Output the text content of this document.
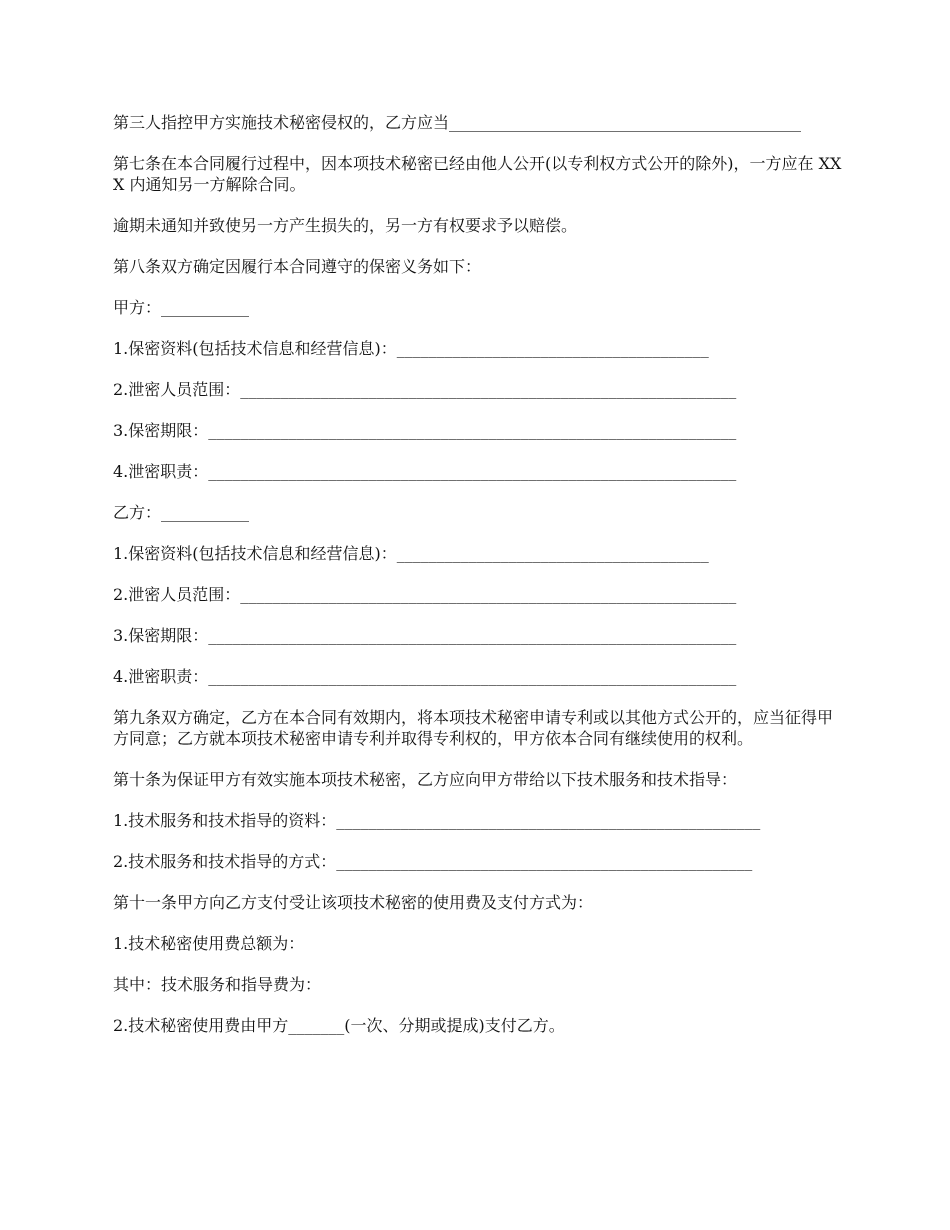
第三人指控甲方实施技术秘密侵权的，乙方应当____________________________________________

第七条在本合同履行过程中，因本项技术秘密已经由他人公开(以专利权方式公开的除外)，一方应在 XXX 内通知另一方解除合同。

逾期未通知并致使另一方产生损失的，另一方有权要求予以赔偿。

第八条双方确定因履行本合同遵守的保密义务如下：

甲方：___________

1.保密资料(包括技术信息和经营信息)：_______________________________________

2.泄密人员范围：______________________________________________________________

3.保密期限：__________________________________________________________________

4.泄密职责：__________________________________________________________________

乙方：___________

1.保密资料(包括技术信息和经营信息)：_______________________________________

2.泄密人员范围：______________________________________________________________

3.保密期限：__________________________________________________________________

4.泄密职责：__________________________________________________________________

第九条双方确定，乙方在本合同有效期内，将本项技术秘密申请专利或以其他方式公开的，应当征得甲方同意；乙方就本项技术秘密申请专利并取得专利权的，甲方依本合同有继续使用的权利。

第十条为保证甲方有效实施本项技术秘密，乙方应向甲方带给以下技术服务和技术指导：

1.技术服务和技术指导的资料：_____________________________________________________

2.技术服务和技术指导的方式：____________________________________________________

第十一条甲方向乙方支付受让该项技术秘密的使用费及支付方式为：

1.技术秘密使用费总额为：

其中：技术服务和指导费为：

2.技术秘密使用费由甲方_______(一次、分期或提成)支付乙方。
